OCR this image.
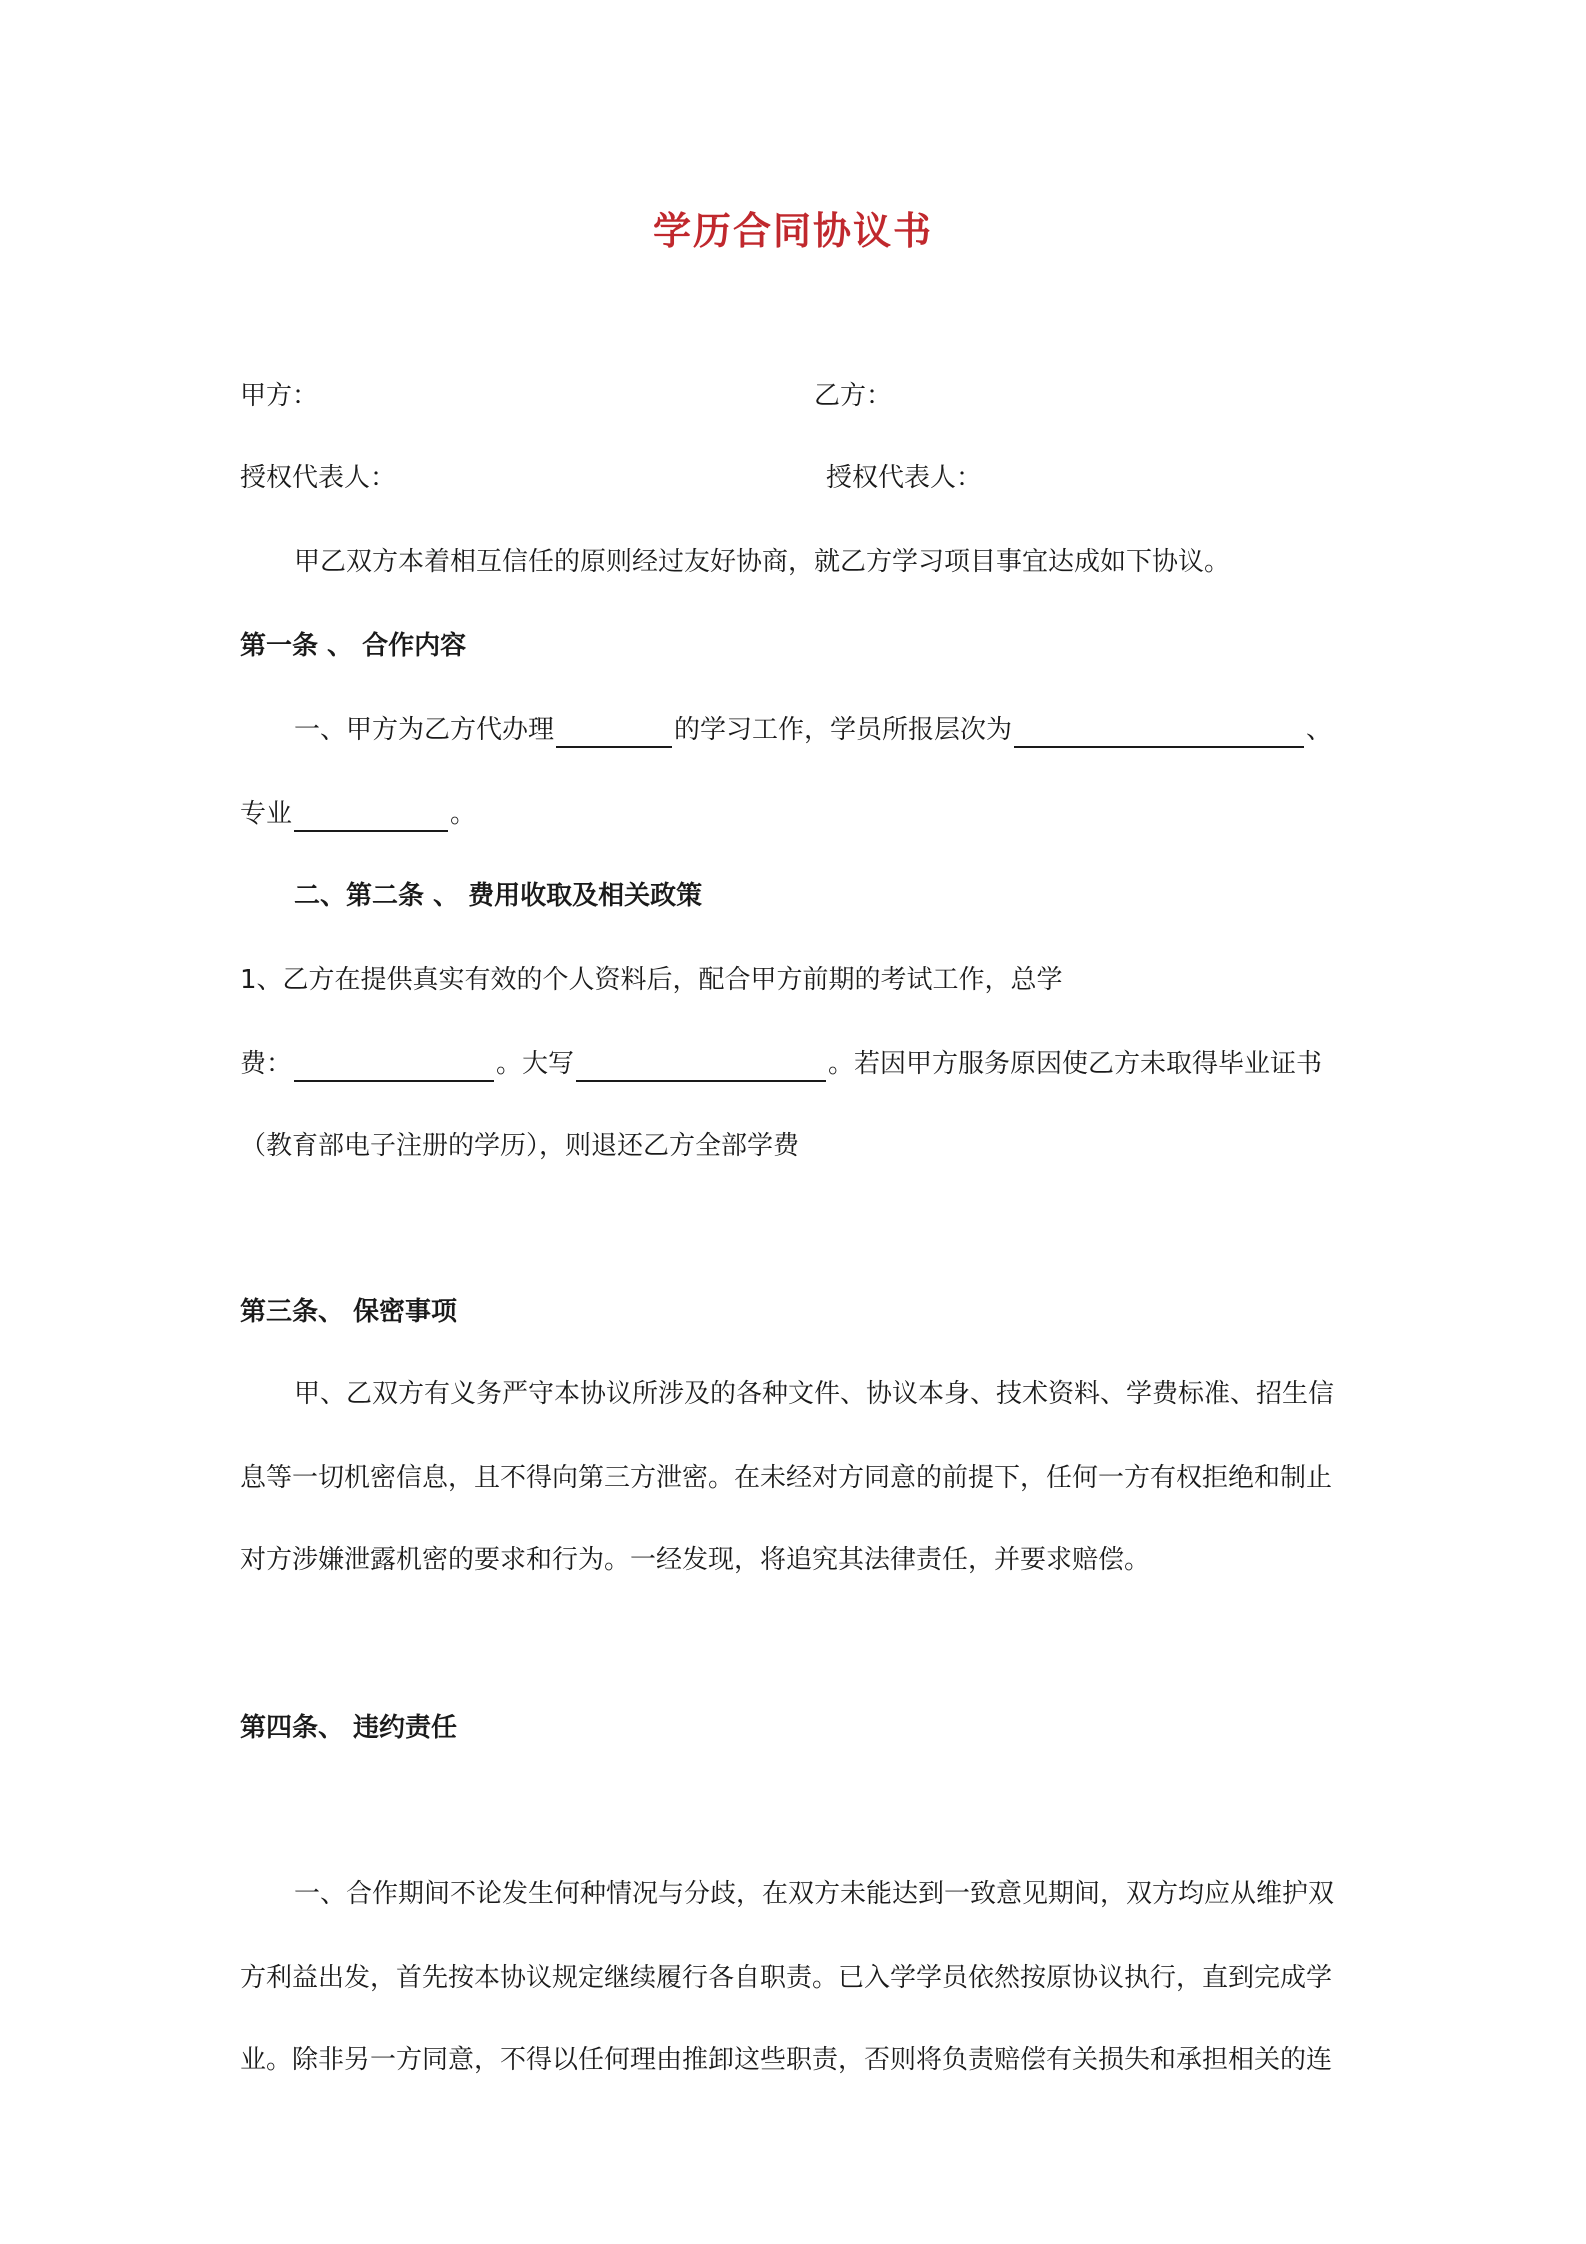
学历合同协议书
甲方：	乙方：
授权代表人：	授权代表人：
甲乙双方本着相互信任的原则经过友好协商，就乙方学习项目事宜达成如下协议。
第一条 、 合作内容
一、甲方为乙方代办理	的学习工作，学员所报层次为	、
专业	。
二、第二条 、 费用收取及相关政策
1、乙方在提供真实有效的个人资料后，配合甲方前期的考试工作，总学
费：	。大写	。若因甲方服务原因使乙方未取得毕业证书
（教育部电子注册的学历），则退还乙方全部学费
第三条、 保密事项
甲、乙双方有义务严守本协议所涉及的各种文件、协议本身、技术资料、学费标准、招生信
息等一切机密信息，且不得向第三方泄密。在未经对方同意的前提下，任何一方有权拒绝和制止
对方涉嫌泄露机密的要求和行为。一经发现，将追究其法律责任，并要求赔偿。
第四条、 违约责任
一、合作期间不论发生何种情况与分歧，在双方未能达到一致意见期间，双方均应从维护双
方利益出发，首先按本协议规定继续履行各自职责。已入学学员依然按原协议执行，直到完成学
业。除非另一方同意，不得以任何理由推卸这些职责，否则将负责赔偿有关损失和承担相关的连
